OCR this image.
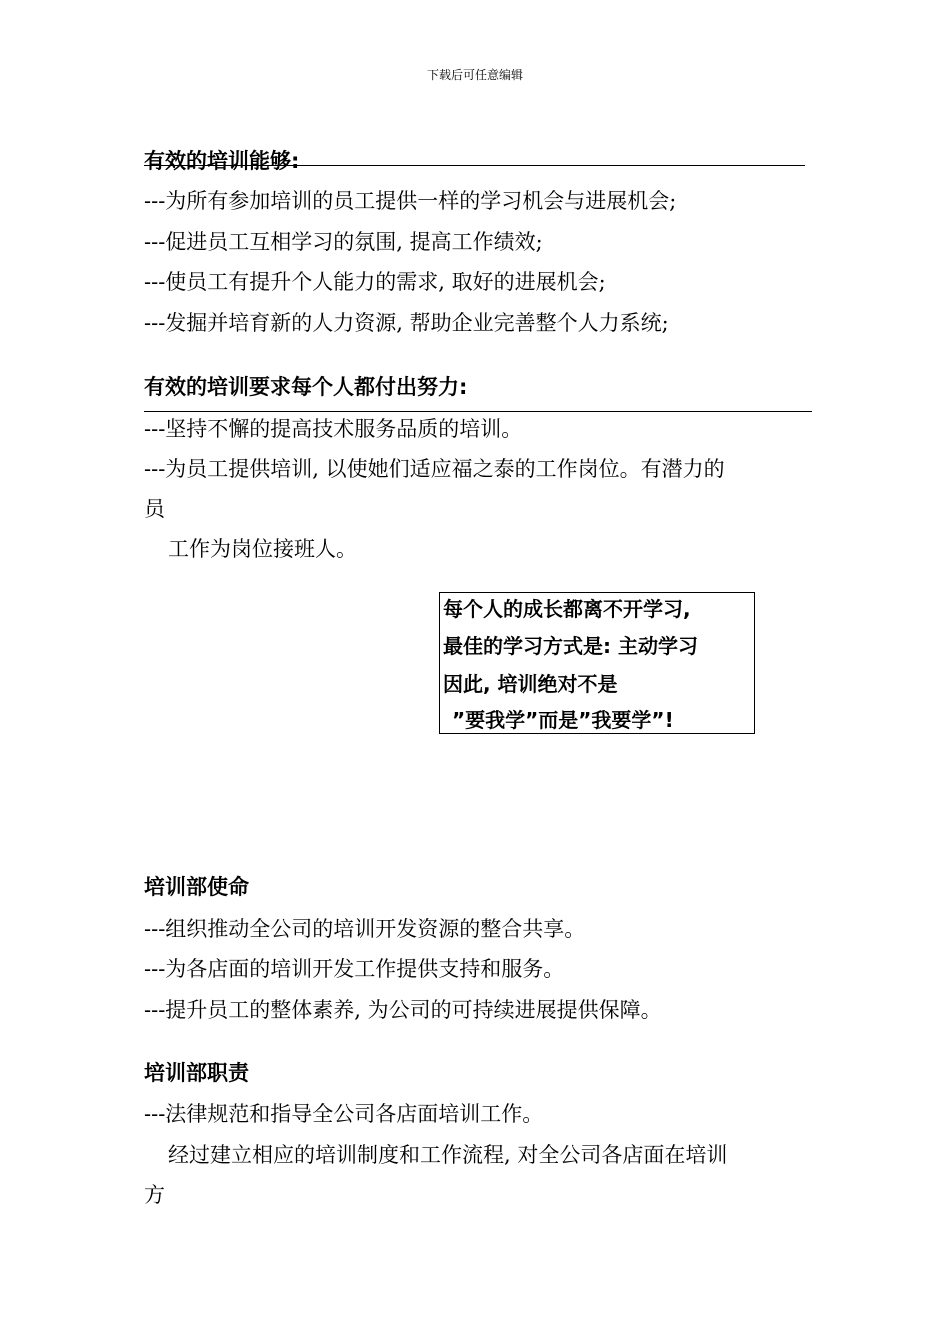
下载后可任意编辑
有效的培训能够:
---为所有参加培训的员工提供一样的学习机会与进展机会;
---促进员工互相学习的氛围, 提高工作绩效;
---使员工有提升个人能力的需求, 取好的进展机会;
---发掘并培育新的人力资源, 帮助企业完善整个人力系统;
有效的培训要求每个人都付出努力:
---坚持不懈的提高技术服务品质的培训。
---为员工提供培训, 以使她们适应福之泰的工作岗位。有潜力的
员
工作为岗位接班人。
每个人的成长都离不开学习,
最佳的学习方式是: 主动学习
因此, 培训绝对不是
”要我学”而是”我要学”!
培训部使命
---组织推动全公司的培训开发资源的整合共享。
---为各店面的培训开发工作提供支持和服务。
---提升员工的整体素养, 为公司的可持续进展提供保障。
培训部职责
---法律规范和指导全公司各店面培训工作。
经过建立相应的培训制度和工作流程, 对全公司各店面在培训
方
